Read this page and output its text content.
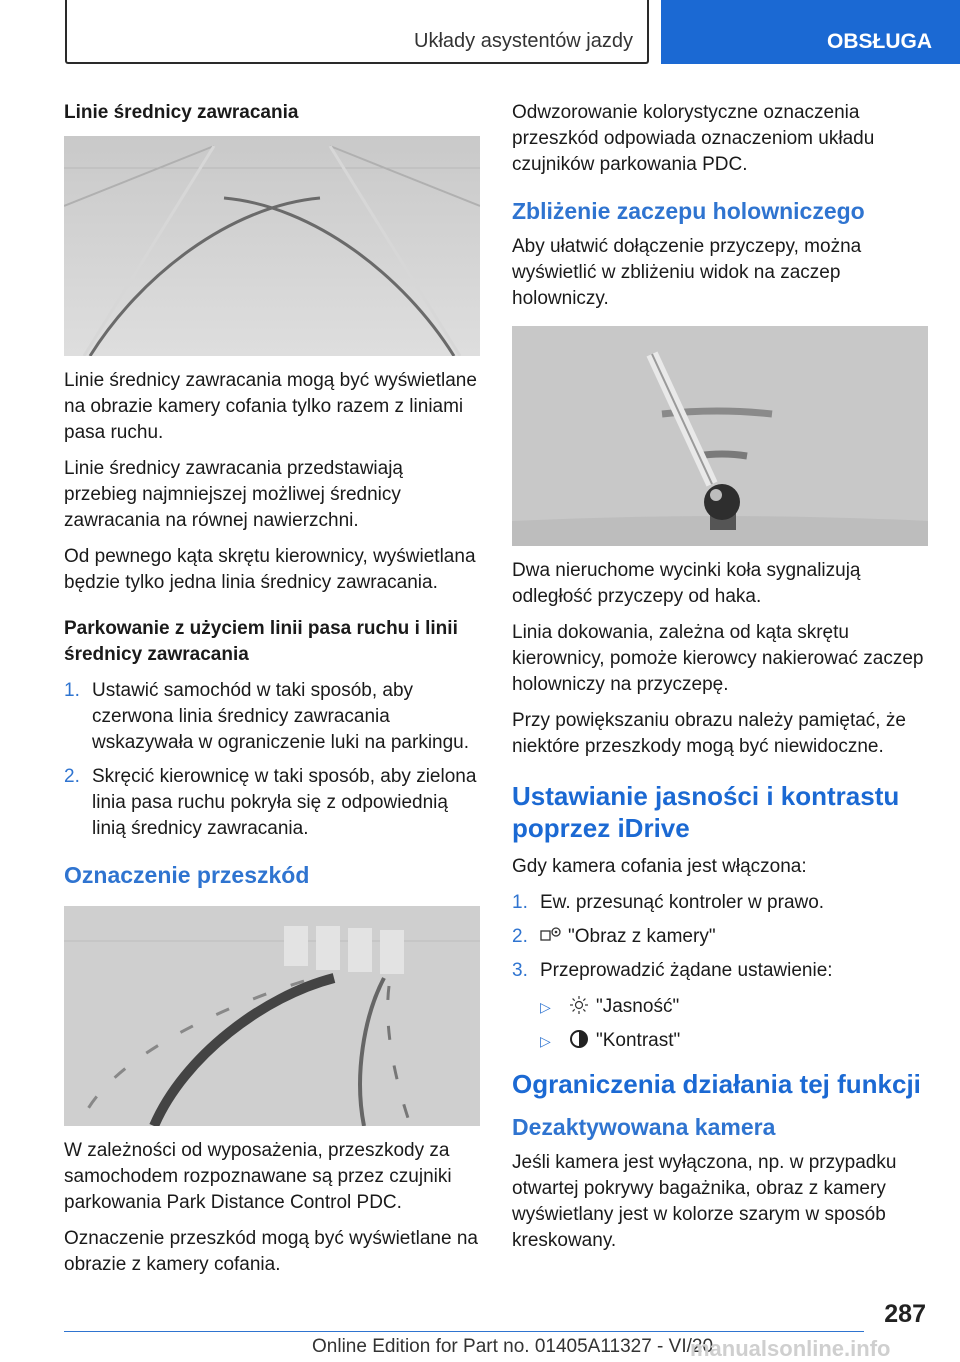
Układy asystentów jazdy	OBSŁUGA
Linie średnicy zawracania

Linie średnicy zawracania mogą być wyświetlane na obrazie kamery cofania tylko razem z liniami pasa ruchu.

Linie średnicy zawracania przedstawiają przebieg najmniejszej możliwej średnicy zawracania na równej nawierzchni.

Od pewnego kąta skrętu kierownicy, wyświetlana będzie tylko jedna linia średnicy zawracania.

Parkowanie z użyciem linii pasa ruchu i linii średnicy zawracania
1. Ustawić samochód w taki sposób, aby czerwona linia średnicy zawracania wskazywała w ograniczenie luki na parkingu.
2. Skręcić kierownicę w taki sposób, aby zielona linia pasa ruchu pokryła się z odpowiednią linią średnicy zawracania.
Oznaczenie przeszkód

W zależności od wyposażenia, przeszkody za samochodem rozpoznawane są przez czujniki parkowania Park Distance Control PDC.

Oznaczenie przeszkód mogą być wyświetlane na obrazie z kamery cofania.

Odwzorowanie kolorystyczne oznaczenia przeszkód odpowiada oznaczeniom układu czujników parkowania PDC.

Zbliżenie zaczepu holowniczego

Aby ułatwić dołączenie przyczepy, można wyświetlić w zbliżeniu widok na zaczep holowniczy.

Dwa nieruchome wycinki koła sygnalizują odległość przyczepy od haka.

Linia dokowania, zależna od kąta skrętu kierownicy, pomoże kierowcy nakierować zaczep holowniczy na przyczepę.

Przy powiększaniu obrazu należy pamiętać, że niektóre przeszkody mogą być niewidoczne.

Ustawianie jasności i kontrastu poprzez iDrive

Gdy kamera cofania jest włączona:

1. Ew. przesunąć kontroler w prawo.
2. "Obraz z kamery"
3. Przeprowadzić żądane ustawienie:
▷ "Jasność"
▷ "Kontrast"
Ograniczenia działania tej funkcji
Dezaktywowana kamera

Jeśli kamera jest wyłączona, np. w przypadku otwartej pokrywy bagażnika, obraz z kamery wyświetlany jest w kolorze szarym w sposób kreskowany.

287
Online Edition for Part no. 01405A11327 - VI/20
manualsonline.info
